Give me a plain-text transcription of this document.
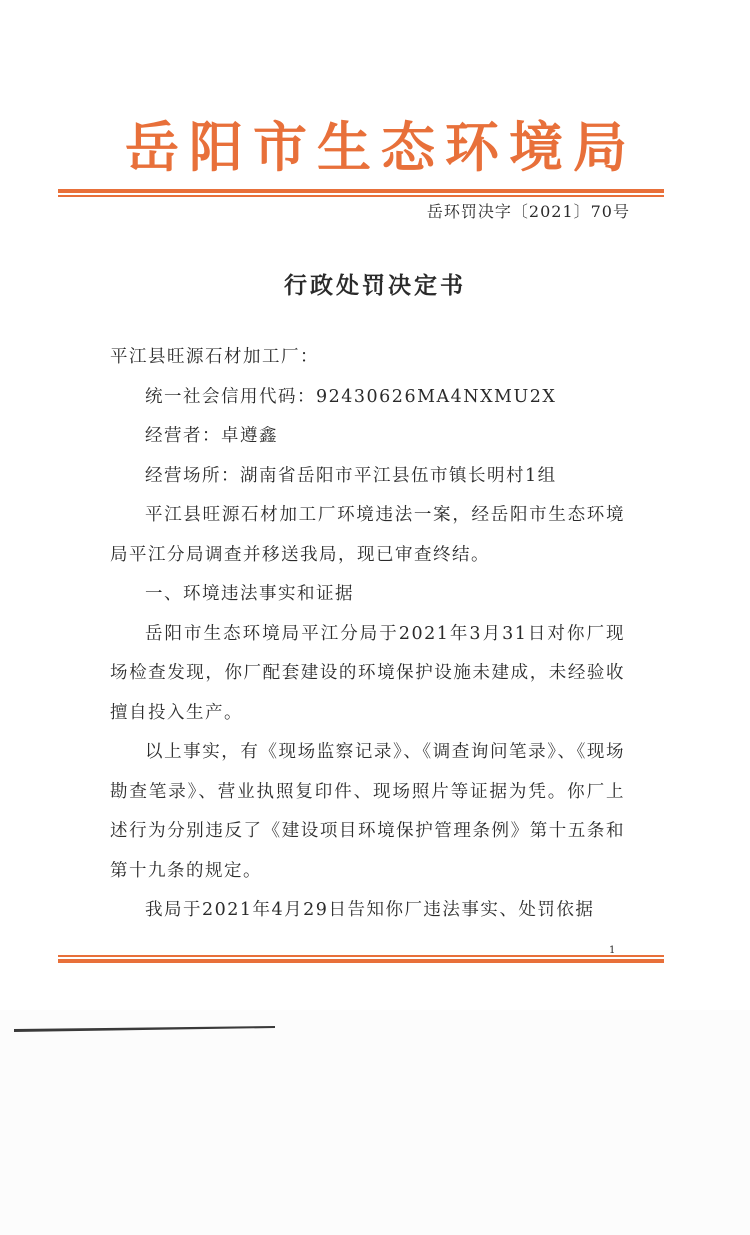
岳阳市生态环境局
岳环罚决字〔2021〕70号
行政处罚决定书

平江县旺源石材加工厂：

统一社会信用代码：92430626MA4NXMU2X

经营者：卓遵鑫

经营场所：湖南省岳阳市平江县伍市镇长明村1组

平江县旺源石材加工厂环境违法一案，经岳阳市生态环境局平江分局调查并移送我局，现已审查终结。

一、环境违法事实和证据

岳阳市生态环境局平江分局于2021年3月31日对你厂现场检查发现，你厂配套建设的环境保护设施未建成，未经验收擅自投入生产。

以上事实，有《现场监察记录》、《调查询问笔录》、《现场勘查笔录》、营业执照复印件、现场照片等证据为凭。你厂上述行为分别违反了《建设项目环境保护管理条例》第十五条和第十九条的规定。

我局于2021年4月29日告知你厂违法事实、处罚依据

1
